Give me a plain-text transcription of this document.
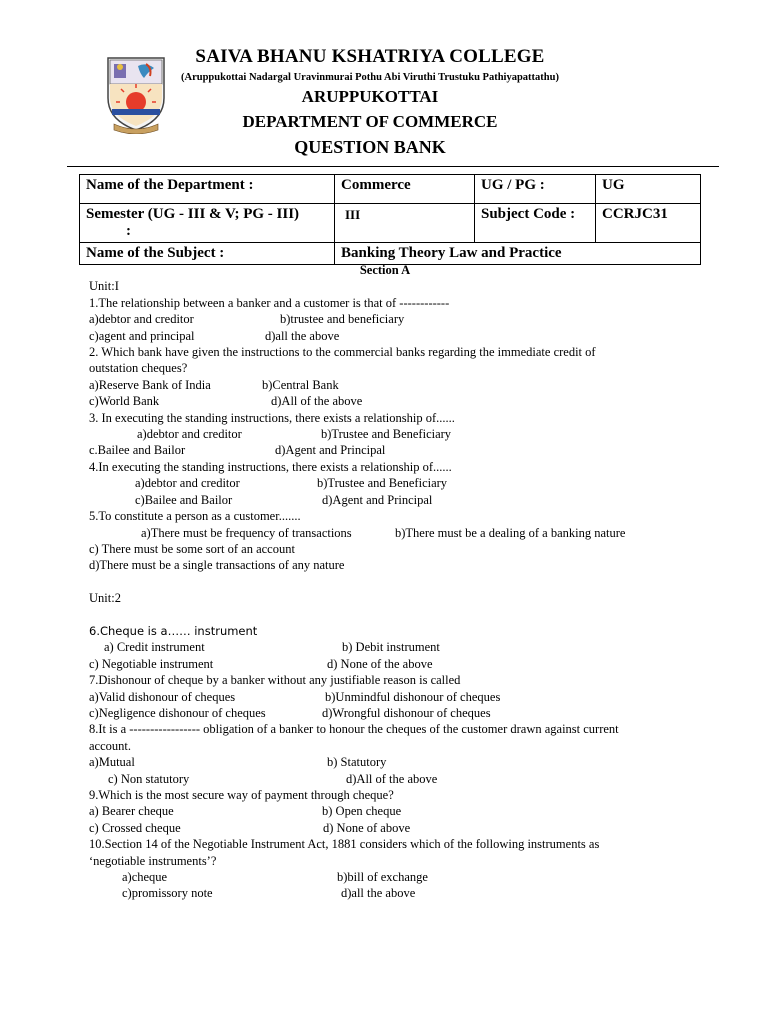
SAIVA BHANU KSHATRIYA COLLEGE
(Aruppukottai Nadargal Uravinmurai Pothu Abi Viruthi Trustuku Pathiyapattathu)
ARUPPUKOTTAI
DEPARTMENT OF COMMERCE
QUESTION BANK
Name of the Department :	Commerce	UG / PG :	UG

Semester (UG - III & V; PG - III)
:	III	Subject Code :	CCRJC31
Name of the Subject :	Banking Theory Law and Practice		
Section A
Unit:I
1.The relationship between a banker and a customer is that of ------------
a)debtor and creditor	b)trustee and beneficiary
c)agent and principal	d)all the above
2. Which bank have given the instructions to the commercial banks regarding the immediate credit of
outstation cheques?
a)Reserve Bank of India	b)Central Bank
c)World Bank	d)All of the above
3. In executing the standing instructions, there exists a relationship of......
a)debtor and creditor	b)Trustee and Beneficiary
c.Bailee and Bailor	d)Agent and Principal
4.In executing the standing instructions, there exists a relationship of......
a)debtor and creditor	b)Trustee and Beneficiary
c)Bailee and Bailor	d)Agent and Principal
5.To constitute a person as a customer.......
a)There must be frequency of transactions	b)There must be a dealing of a banking nature
c) There must be some sort of an account
d)There must be a single transactions of any nature
Unit:2
6.Cheque is a…… instrument
a) Credit instrument	b) Debit instrument
c) Negotiable instrument	d) None of the above
7.Dishonour of cheque by a banker without any justifiable reason is called
a)Valid dishonour of cheques	b)Unmindful dishonour of cheques
c)Negligence dishonour of cheques	d)Wrongful dishonour of cheques
8.It is a ----------------- obligation of a banker to honour the cheques of the customer drawn against current
account.
a)Mutual	b) Statutory
c) Non statutory	d)All of the above
9.Which is the most secure way of payment through cheque?
a) Bearer cheque	b) Open cheque
c) Crossed cheque	d) None of above
10.Section 14 of the Negotiable Instrument Act, 1881 considers which of the following instruments as
‘negotiable instruments’?
a)cheque	b)bill of exchange
c)promissory note	d)all the above
